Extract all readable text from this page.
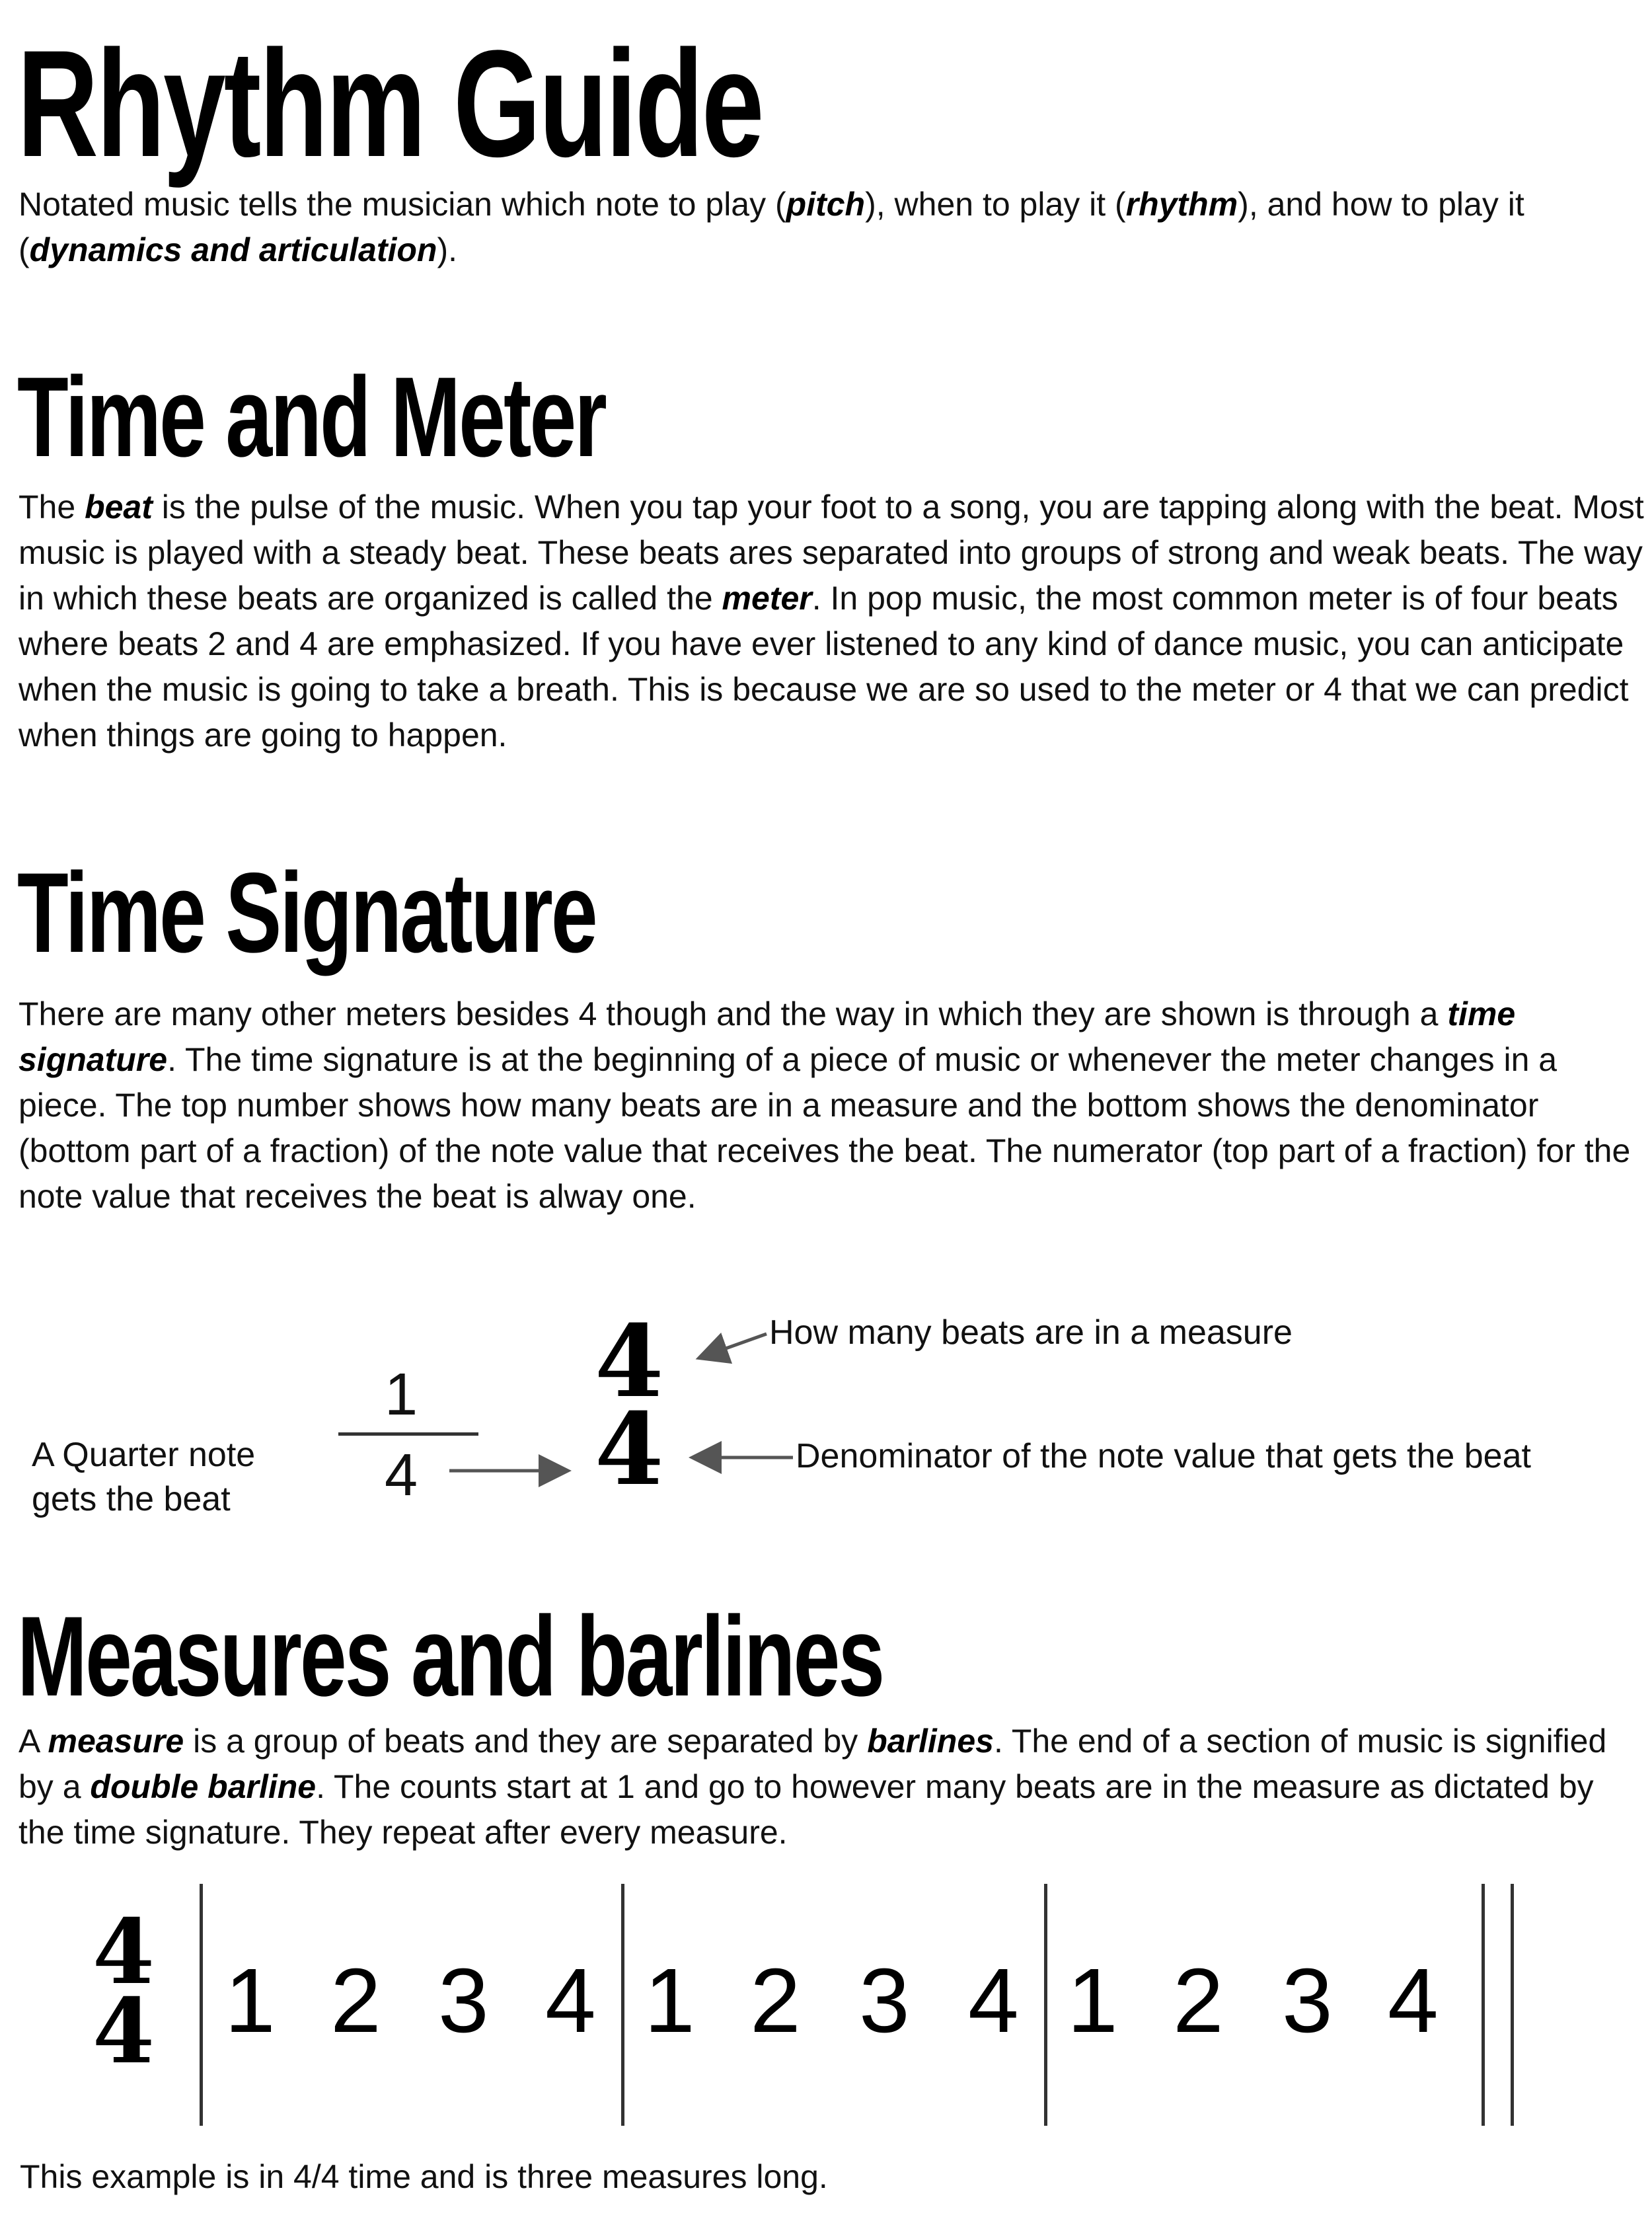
Rhythm Guide

Notated music tells the musician which note to play (pitch), when to play it (rhythm), and how to play it (dynamics and articulation).

Time and Meter

The beat is the pulse of the music. When you tap your foot to a song, you are tapping along with the beat. Most music is played with a steady beat. These beats ares separated into groups of strong and weak beats. The way in which these beats are organized is called the meter. In pop music, the most common meter is of four beats where beats 2 and 4 are emphasized. If you have ever listened to any kind of dance music, you can anticipate when the music is going to take a breath. This is because we are so used to the meter or 4 that we can predict when things are going to happen.

Time Signature

There are many other meters besides 4 though and the way in which they are shown is through a time signature. The time signature is at the beginning of a piece of music or whenever the meter changes in a piece. The top number shows how many beats are in a measure and the bottom shows the denominator (bottom part of a fraction) of the note value that receives the beat. The numerator (top part of a fraction) for the note value that receives the beat is alway one.

A Quarter note
gets the beat
1
4
4
4
How many beats are in a measure
Denominator of the note value that gets the beat
Measures and barlines

A measure is a group of beats and they are separated by barlines. The end of a section of music is signified by a double barline. The counts start at 1 and go to however many beats are in the measure as dictated by the time signature. They repeat after every measure.

4
4 1 2 3 4 1 2 3 4 1 2 3 4
This example is in 4/4 time and is three measures long.
